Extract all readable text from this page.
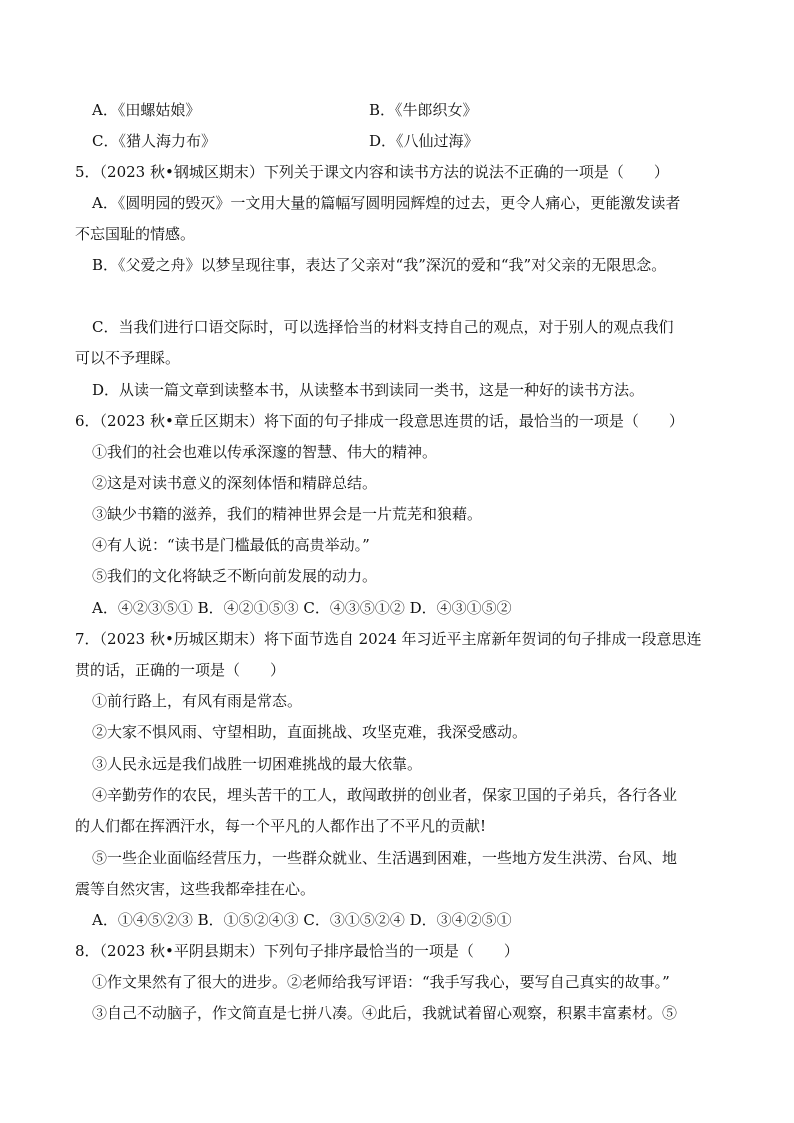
A．《田螺姑娘》	B．《牛郎织女》
C．《猎人海力布》	D．《八仙过海》
5．（2023 秋•钢城区期末）下列关于课文内容和读书方法的说法不正确的一项是（　　）
A．《圆明园的毁灭》一文用大量的篇幅写圆明园辉煌的过去，更令人痛心，更能激发读者
不忘国耻的情感。
B．《父爱之舟》以梦呈现往事，表达了父亲对“我”深沉的爱和“我”对父亲的无限思念。
C．当我们进行口语交际时，可以选择恰当的材料支持自己的观点，对于别人的观点我们
可以不予理睬。
D．从读一篇文章到读整本书，从读整本书到读同一类书，这是一种好的读书方法。
6．（2023 秋•章丘区期末）将下面的句子排成一段意思连贯的话，最恰当的一项是（　　）
①我们的社会也难以传承深邃的智慧、伟大的精神。
②这是对读书意义的深刻体悟和精辟总结。
③缺少书籍的滋养，我们的精神世界会是一片荒芜和狼藉。
④有人说：“读书是门槛最低的高贵举动。”
⑤我们的文化将缺乏不断向前发展的动力。
A．④②③⑤① B．④②①⑤③ C．④③⑤①② D．④③①⑤②
7．（2023 秋•历城区期末）将下面节选自 2024 年习近平主席新年贺词的句子排成一段意思连
贯的话，正确的一项是（　　）
①前行路上，有风有雨是常态。
②大家不惧风雨、守望相助，直面挑战、攻坚克难，我深受感动。
③人民永远是我们战胜一切困难挑战的最大依靠。
④辛勤劳作的农民，埋头苦干的工人，敢闯敢拼的创业者，保家卫国的子弟兵，各行各业
的人们都在挥洒汗水，每一个平凡的人都作出了不平凡的贡献!
⑤一些企业面临经营压力，一些群众就业、生活遇到困难，一些地方发生洪涝、台风、地
震等自然灾害，这些我都牵挂在心。
A．①④⑤②③ B．①⑤②④③ C．③①⑤②④ D．③④②⑤①
8．（2023 秋•平阴县期末）下列句子排序最恰当的一项是（　　）
①作文果然有了很大的进步。②老师给我写评语：“我手写我心，要写自己真实的故事。”
③自己不动脑子，作文简直是七拼八凑。④此后，我就试着留心观察，积累丰富素材。⑤
